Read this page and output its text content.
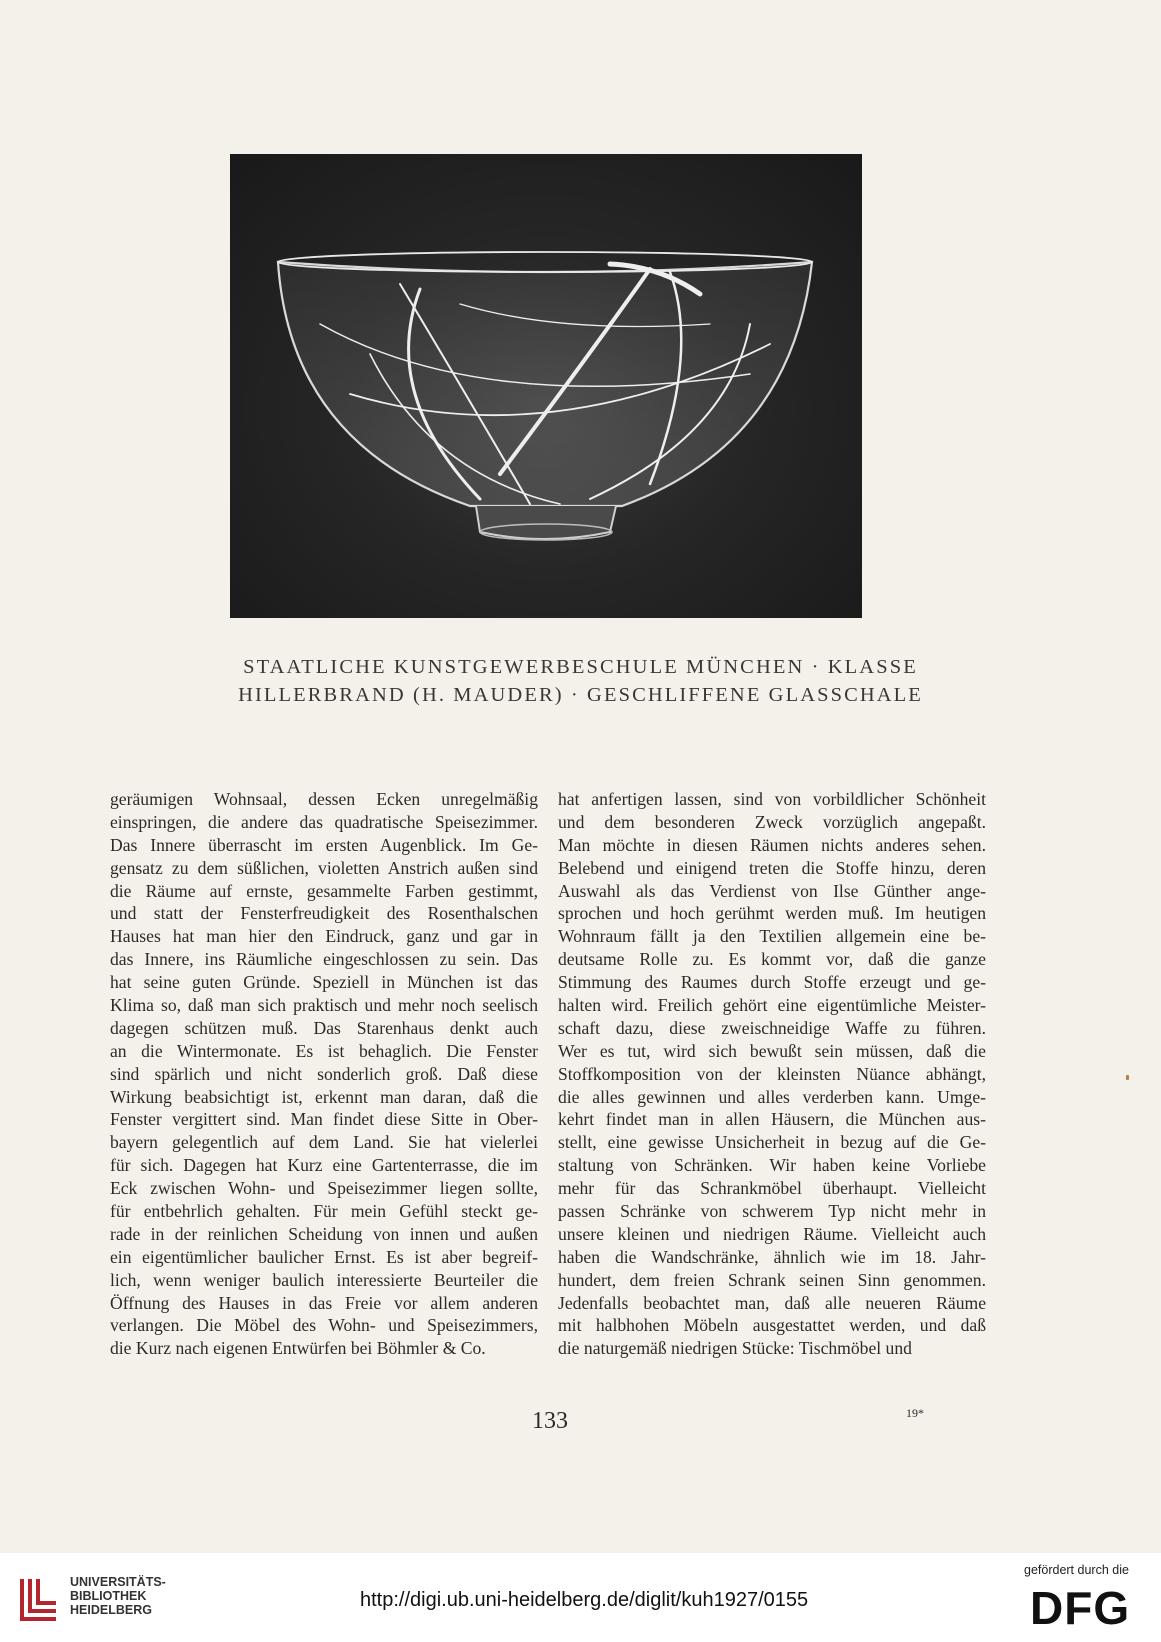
STAATLICHE KUNSTGEWERBESCHULE MÜNCHEN · KLASSE
HILLERBRAND (H. MAUDER) · GESCHLIFFENE GLASSCHALE
geräumigen Wohnsaal, dessen Ecken unregelmäßig
einspringen, die andere das quadratische Speisezimmer.
Das Innere überrascht im ersten Augenblick. Im Ge-
gensatz zu dem süßlichen, violetten Anstrich außen sind
die Räume auf ernste, gesammelte Farben gestimmt,
und statt der Fensterfreudigkeit des Rosenthalschen
Hauses hat man hier den Eindruck, ganz und gar in
das Innere, ins Räumliche eingeschlossen zu sein. Das
hat seine guten Gründe. Speziell in München ist das
Klima so, daß man sich praktisch und mehr noch seelisch
dagegen schützen muß. Das Starenhaus denkt auch
an die Wintermonate. Es ist behaglich. Die Fenster
sind spärlich und nicht sonderlich groß. Daß diese
Wirkung beabsichtigt ist, erkennt man daran, daß die
Fenster vergittert sind. Man findet diese Sitte in Ober-
bayern gelegentlich auf dem Land. Sie hat vielerlei
für sich. Dagegen hat Kurz eine Gartenterrasse, die im
Eck zwischen Wohn- und Speisezimmer liegen sollte,
für entbehrlich gehalten. Für mein Gefühl steckt ge-
rade in der reinlichen Scheidung von innen und außen
ein eigentümlicher baulicher Ernst. Es ist aber begreif-
lich, wenn weniger baulich interessierte Beurteiler die
Öffnung des Hauses in das Freie vor allem anderen
verlangen. Die Möbel des Wohn- und Speisezimmers,
die Kurz nach eigenen Entwürfen bei Böhmler & Co.
hat anfertigen lassen, sind von vorbildlicher Schönheit
und dem besonderen Zweck vorzüglich angepaßt.
Man möchte in diesen Räumen nichts anderes sehen.
Belebend und einigend treten die Stoffe hinzu, deren
Auswahl als das Verdienst von Ilse Günther ange-
sprochen und hoch gerühmt werden muß. Im heutigen
Wohnraum fällt ja den Textilien allgemein eine be-
deutsame Rolle zu. Es kommt vor, daß die ganze
Stimmung des Raumes durch Stoffe erzeugt und ge-
halten wird. Freilich gehört eine eigentümliche Meister-
schaft dazu, diese zweischneidige Waffe zu führen.
Wer es tut, wird sich bewußt sein müssen, daß die
Stoffkomposition von der kleinsten Nüance abhängt,
die alles gewinnen und alles verderben kann. Umge-
kehrt findet man in allen Häusern, die München aus-
stellt, eine gewisse Unsicherheit in bezug auf die Ge-
staltung von Schränken. Wir haben keine Vorliebe
mehr für das Schrankmöbel überhaupt. Vielleicht
passen Schränke von schwerem Typ nicht mehr in
unsere kleinen und niedrigen Räume. Vielleicht auch
haben die Wandschränke, ähnlich wie im 18. Jahr-
hundert, dem freien Schrank seinen Sinn genommen.
Jedenfalls beobachtet man, daß alle neueren Räume
mit halbhohen Möbeln ausgestattet werden, und daß
die naturgemäß niedrigen Stücke: Tischmöbel und
133	19*
UNIVERSITÄTS-
BIBLIOTHEK
HEIDELBERG	http://digi.ub.uni-heidelberg.de/diglit/kuh1927/0155
gefördert durch die
DFG
